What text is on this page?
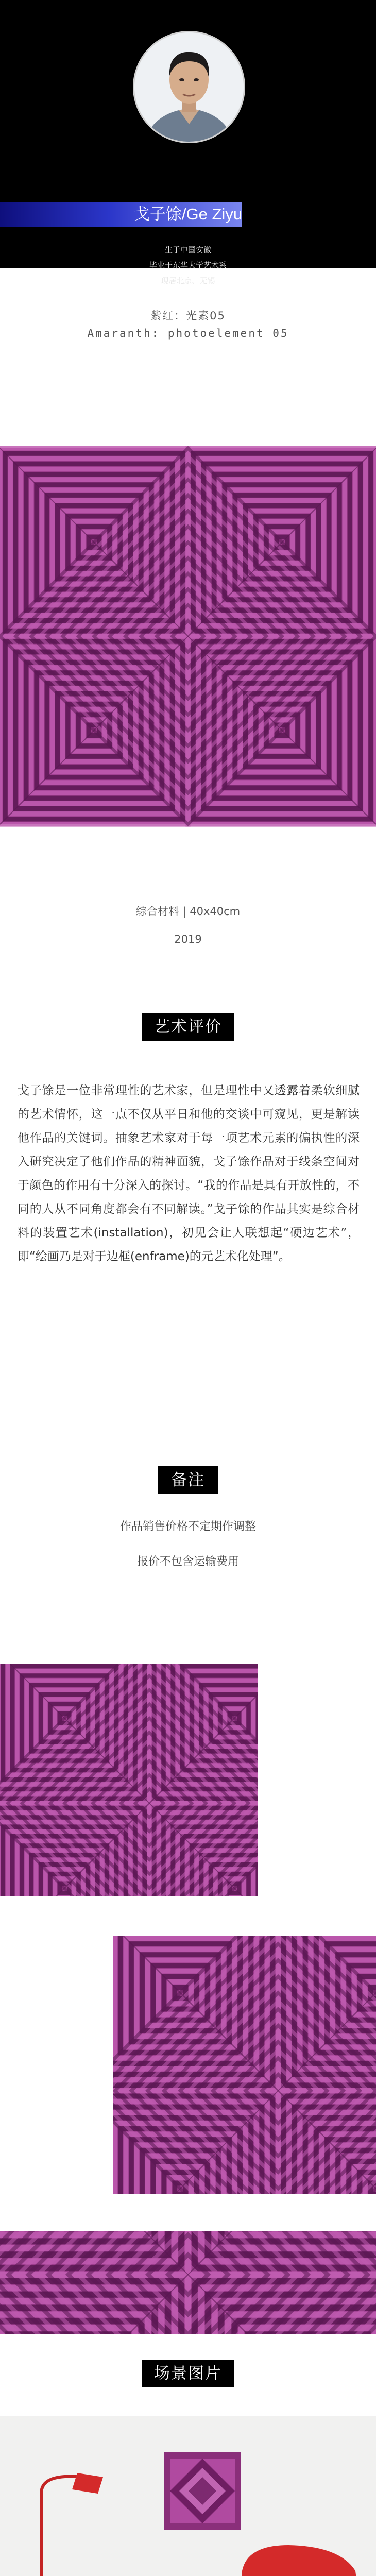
戈子馀/Ge Ziyu
生于中国安徽
毕业于东华大学艺术系
现居北京、无锡
紫红：光素05
Amaranth: photoelement 05
综合材料 | 40x40cm
2019
艺术评价
戈子馀是一位非常理性的艺术家，但是理性中又透露着柔软细腻的艺术情怀，这一点不仅从平日和他的交谈中可窥见，更是解读他作品的关键词。抽象艺术家对于每一项艺术元素的偏执性的深入研究决定了他们作品的精神面貌，戈子馀作品对于线条空间对于颜色的作用有十分深入的探讨。“我的作品是具有开放性的，不同的人从不同角度都会有不同解读。”戈子馀的作品其实是综合材料的装置艺术(installation)，初见会让人联想起“硬边艺术”，即“绘画乃是对于边框(enframe)的元艺术化处理”。
备注
作品销售价格不定期作调整
报价不包含运输费用
场景图片
